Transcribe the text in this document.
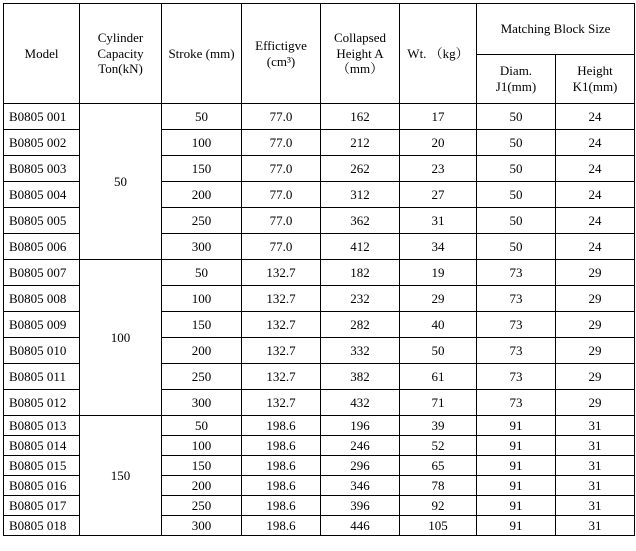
Model	Cylinder Capacity Ton(kN)	Stroke (mm)	Effictigve (cm³)	Collapsed Height A（mm）	Wt. （kg）	Matching Block Size	
						Diam. J1(mm)	Height K1(mm)
B0805 001	50	50	77.0	162	17	50	24
B0805 002		100	77.0	212	20	50	24
B0805 003		150	77.0	262	23	50	24
B0805 004		200	77.0	312	27	50	24
B0805 005		250	77.0	362	31	50	24
B0805 006		300	77.0	412	34	50	24
B0805 007	100	50	132.7	182	19	73	29
B0805 008		100	132.7	232	29	73	29
B0805 009		150	132.7	282	40	73	29
B0805 010		200	132.7	332	50	73	29
B0805 011		250	132.7	382	61	73	29
B0805 012		300	132.7	432	71	73	29
B0805 013	150	50	198.6	196	39	91	31
B0805 014		100	198.6	246	52	91	31
B0805 015		150	198.6	296	65	91	31
B0805 016		200	198.6	346	78	91	31
B0805 017		250	198.6	396	92	91	31
B0805 018		300	198.6	446	105	91	31
